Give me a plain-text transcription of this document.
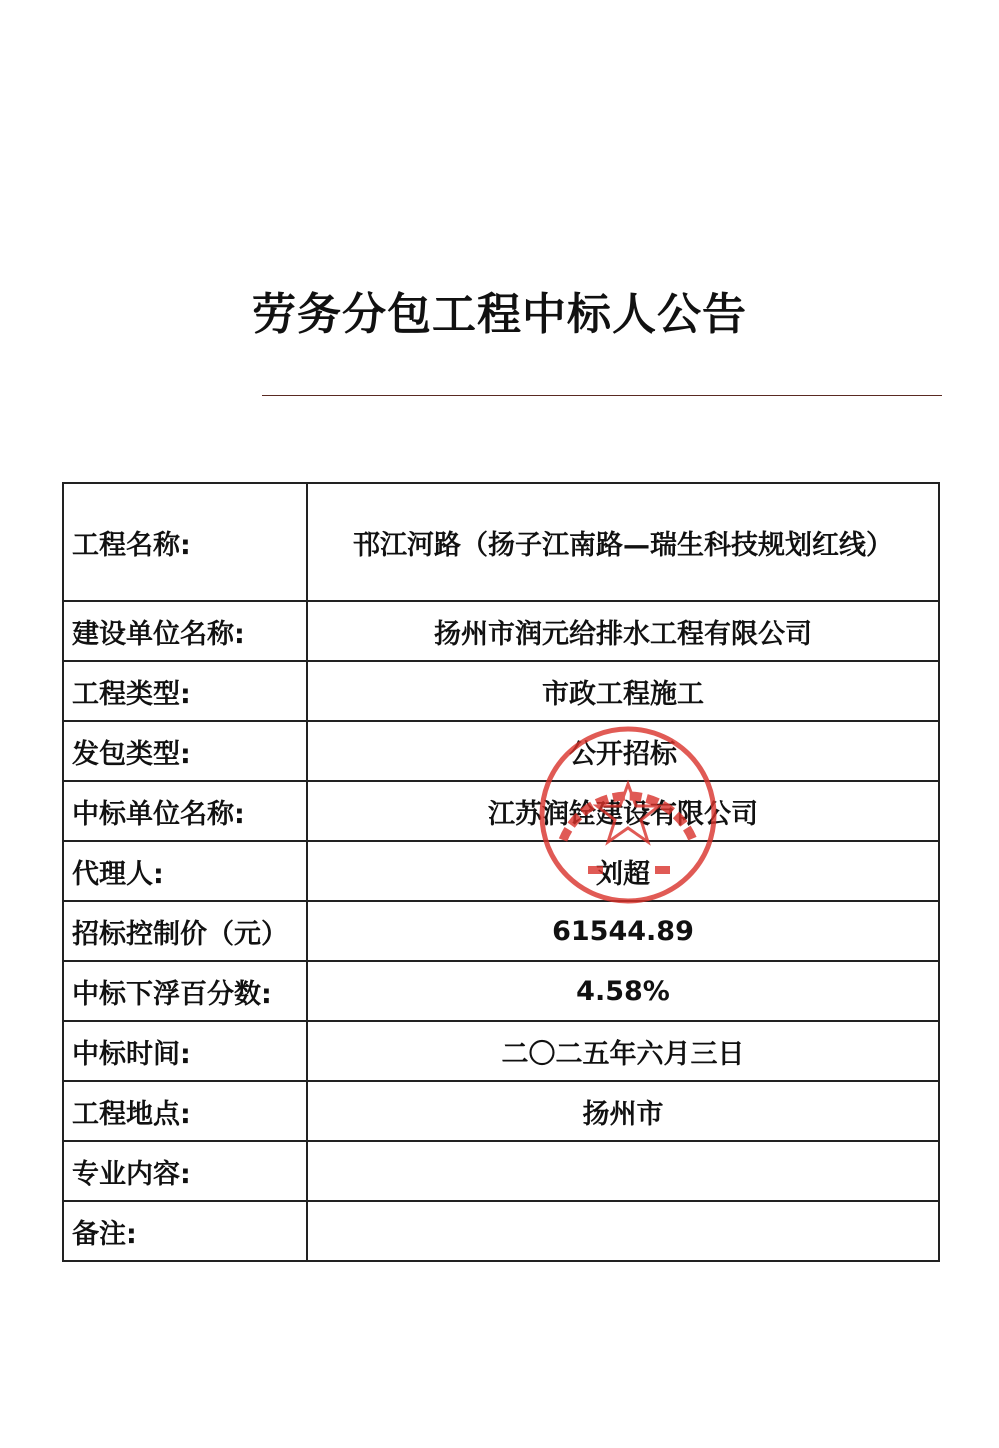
劳务分包工程中标人公告
工程名称:	邗江河路（扬子江南路—瑞生科技规划红线）
建设单位名称:	扬州市润元给排水工程有限公司
工程类型:	市政工程施工
发包类型:	公开招标
中标单位名称:	江苏润铨建设有限公司
代理人:	刘超
招标控制价（元）	61544.89
中标下浮百分数:	4.58%
中标时间:	二〇二五年六月三日
工程地点:	扬州市
专业内容:	
备注:	
